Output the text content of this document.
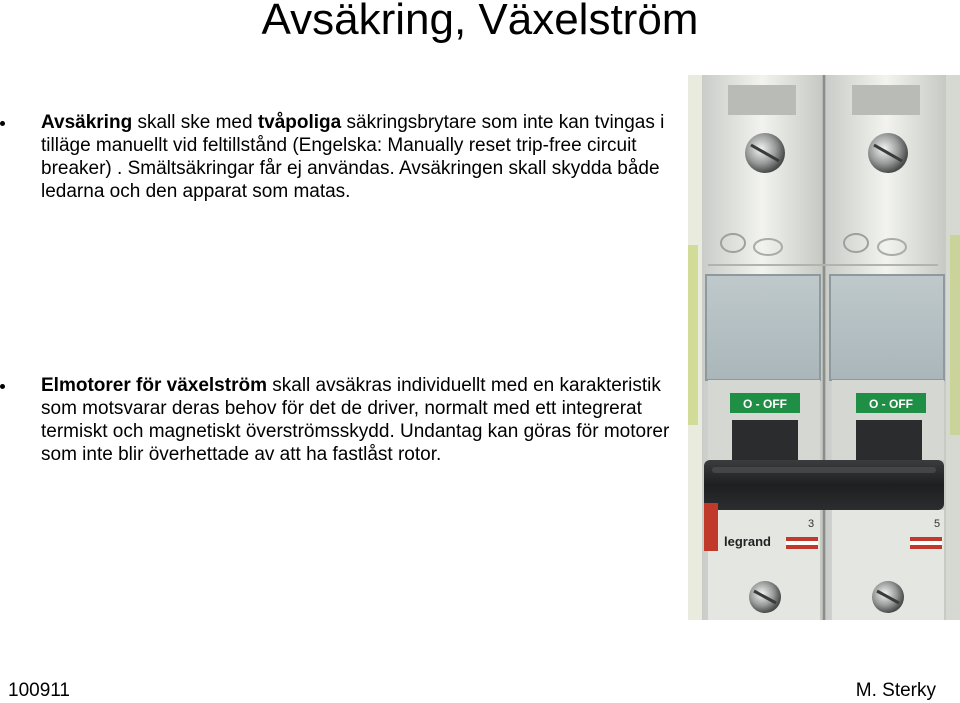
Avsäkring, Växelström
Avsäkring skall ske med tvåpoliga säkringsbrytare som inte kan tvingas i tilläge manuellt vid feltillstånd (Engelska: Manually reset trip-free circuit breaker) . Smältsäkringar får ej användas. Avsäkringen skall skydda både ledarna och den apparat som matas.
Elmotorer för växelström skall avsäkras individuellt med en karakteristik som motsvarar deras behov för det de driver, normalt med ett integrerat termiskt och magnetiskt överströmsskydd. Undantag kan göras för motorer som inte blir överhettade av att ha fastlåst rotor.
O - OFF	O - OFF
legrand
3	5
100911	M. Sterky
